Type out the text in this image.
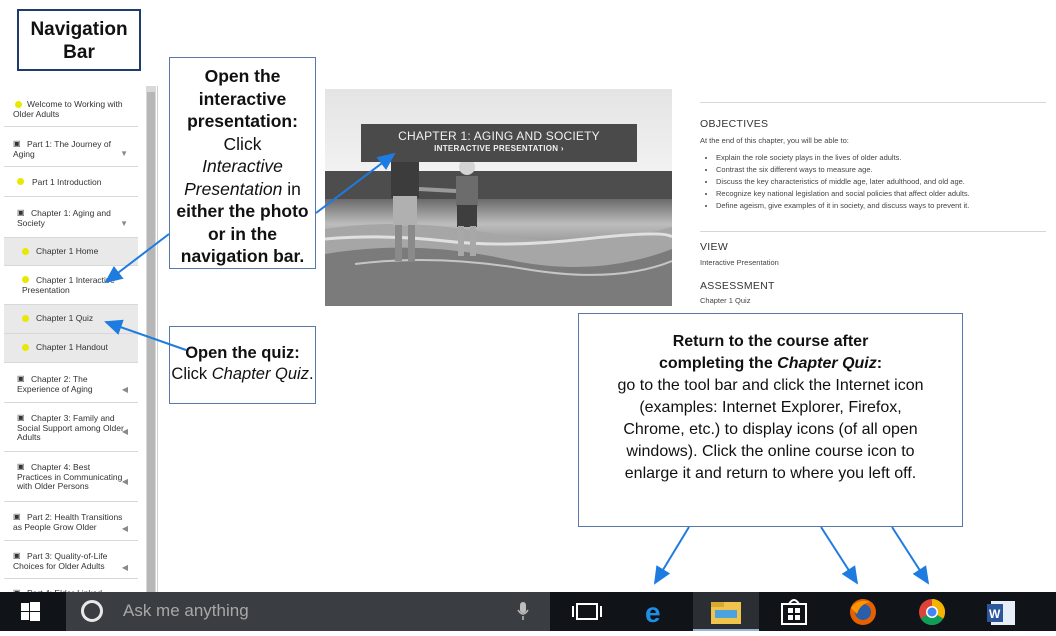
Navigation
Bar
Welcome to Working with Older Adults
▣ Part 1: The Journey of Aging	▼
Part 1 Introduction
▣ Chapter 1: Aging and Society	▼
Chapter 1 Home
Chapter 1 Interactive Presentation
Chapter 1 Quiz
Chapter 1 Handout
▣ Chapter 2: The Experience of Aging	◀
▣ Chapter 3: Family and Social Support among Older Adults
◀
▣ Chapter 4: Best Practices in Communicating with Older Persons	◀
▣ Part 2: Health Transitions as People Grow Older	◀
▣ Part 3: Quality-of-Life Choices for Older Adults	◀
CHAPTER 1: AGING AND SOCIETY
INTERACTIVE PRESENTATION ›
OBJECTIVES
At the end of this chapter, you will be able to:
• Explain the role society plays in the lives of older adults.
• Contrast the six different ways to measure age.
• Discuss the key characteristics of middle age, later adulthood, and old age.
• Recognize key national legislation and social policies that affect older adults.
• Define ageism, give examples of it in society, and discuss ways to prevent it.
VIEW
Interactive Presentation
ASSESSMENT
Chapter 1 Quiz
Open the
interactive
presentation:
Click
Interactive
Presentation in
either the photo
or in the
navigation bar.
Open the quiz:
Click Chapter Quiz.
Return to the course after
completing the Chapter Quiz:
go to the tool bar and click the Internet icon
(examples: Internet Explorer, Firefox,
Chrome, etc.) to display icons (of all open
windows). Click the online course icon to
enlarge it and return to where you left off.
Ask me anything	e	W
